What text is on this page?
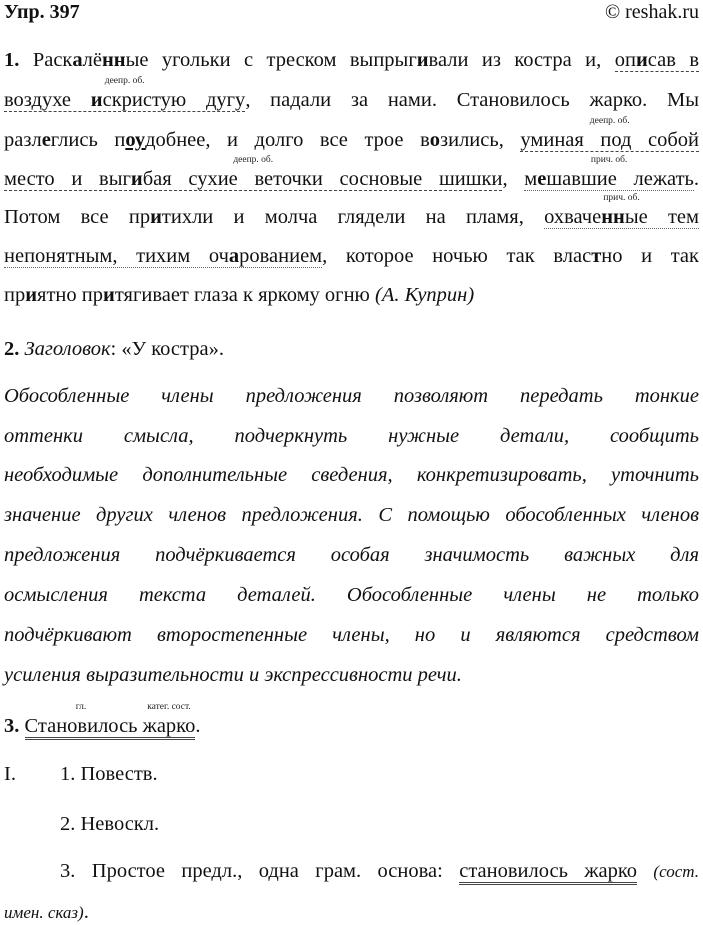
Упр. 397	© reshak.ru
1. Раскалённые угольки с треском выпрыгивали из костра и, описав в
воздухе искристую дугу
деепр. об.
, падали за нами. Становилось жарко. Мы
разлеглись поудобнее, и долго все трое возились, уминая под собой
деепр. об.
место и выгибая сухие веточки сосновые шишки
деепр. об.
, мешавшие лежать
прич. об.
.
Потом все притихли и молча глядели на пламя, охваченные тем
прич. об.
непонятным, тихим очарованием, которое ночью так властно и так
приятно притягивает глаза к яркому огню (А. Куприн)
2. Заголовок: «У костра».
Обособленные члены предложения позволяют передать тонкие
оттенки смысла, подчеркнуть нужные детали, сообщить
необходимые дополнительные сведения, конкретизировать, уточнить
значение других членов предложения. С помощью обособленных членов
предложения подчёркивается особая значимость важных для
осмысления текста деталей. Обособленные члены не только
подчёркивают второстепенные члены, но и являются средством
усиления выразительности и экспрессивности речи.
3. Становилось
гл.
жарко
катег. сост.
.
I. 1. Повеств.
2. Невоскл.
3. Простое предл., одна грам. основа: становилось жарко (сост.
имен. сказ).
